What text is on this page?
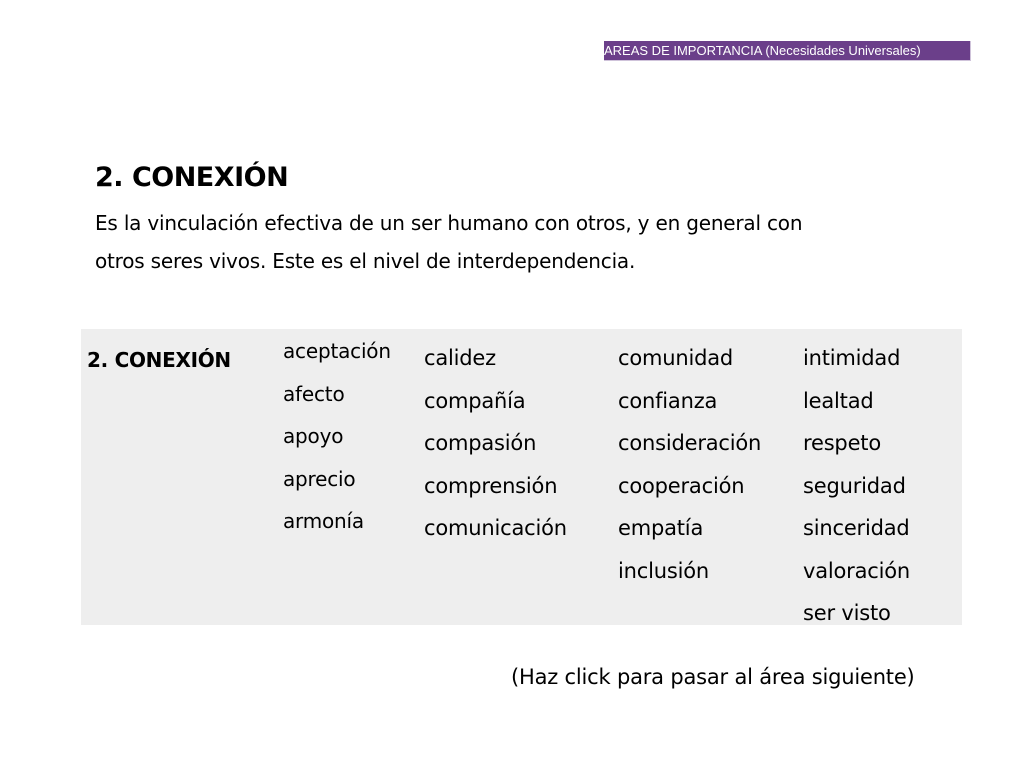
AREAS DE IMPORTANCIA (Necesidades Universales)
2. CONEXIÓN
Es la vinculación efectiva de un ser humano con otros, y en general con
otros seres vivos. Este es el nivel de interdependencia.
2. CONEXIÓN	aceptación
afecto
apoyo
aprecio
armonía
calidez
compañía
compasión
comprensión
comunicación
comunidad
confianza
consideración
cooperación
empatía
inclusión
intimidad
lealtad
respeto
seguridad
sinceridad
valoración
ser visto
(Haz click para pasar al área siguiente)
